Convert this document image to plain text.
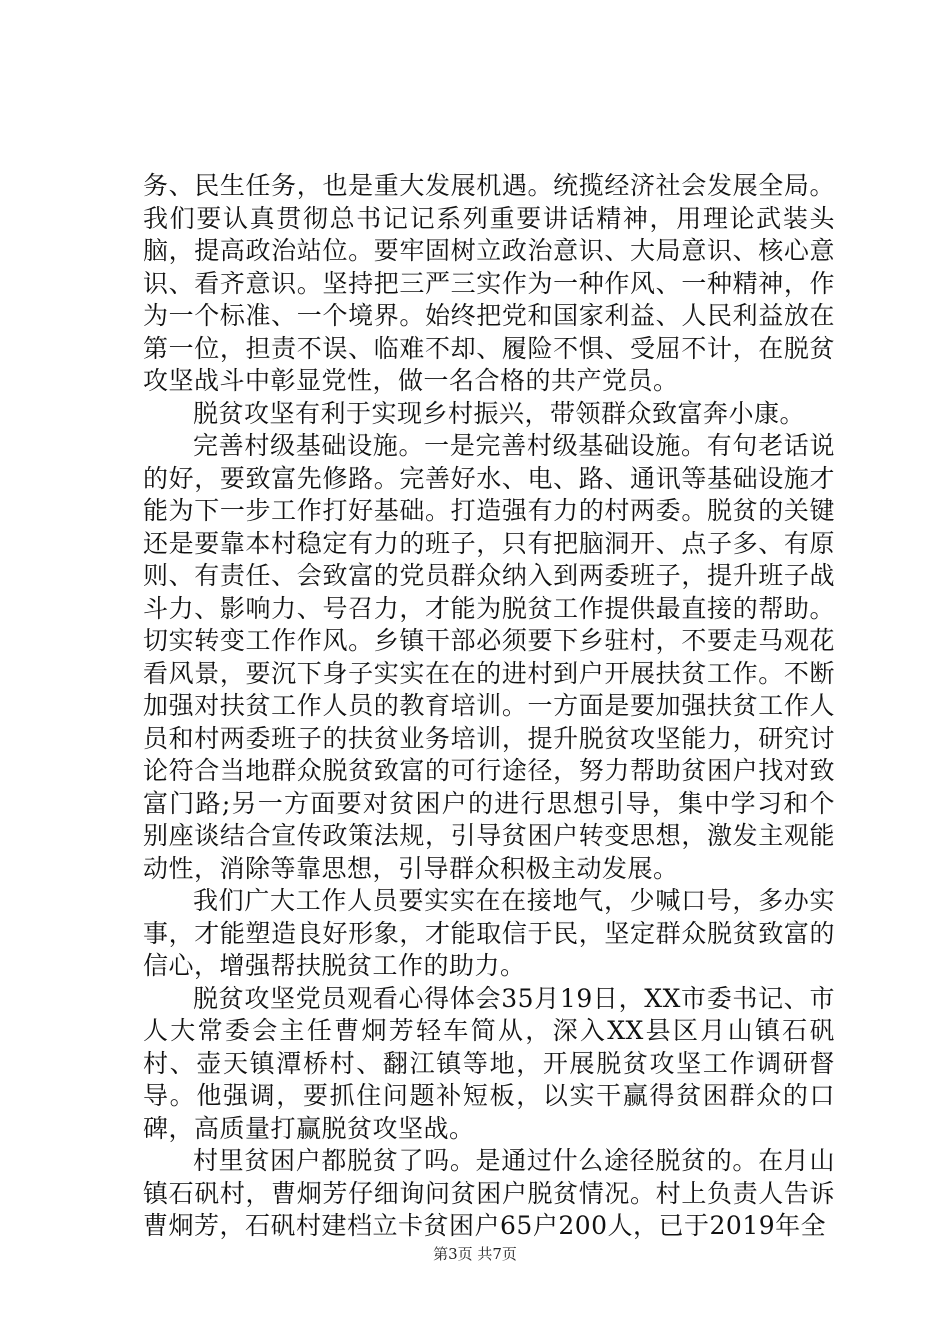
务、民生任务，也是重大发展机遇。统揽经济社会发展全局。我们要认真贯彻总书记记系列重要讲话精神，用理论武装头脑，提高政治站位。要牢固树立政治意识、大局意识、核心意识、看齐意识。坚持把三严三实作为一种作风、一种精神，作为一个标准、一个境界。始终把党和国家利益、人民利益放在第一位，担责不误、临难不却、履险不惧、受屈不计，在脱贫攻坚战斗中彰显党性，做一名合格的共产党员。

脱贫攻坚有利于实现乡村振兴，带领群众致富奔小康。

完善村级基础设施。一是完善村级基础设施。有句老话说的好，要致富先修路。完善好水、电、路、通讯等基础设施才能为下一步工作打好基础。打造强有力的村两委。脱贫的关键还是要靠本村稳定有力的班子，只有把脑洞开、点子多、有原则、有责任、会致富的党员群众纳入到两委班子，提升班子战斗力、影响力、号召力，才能为脱贫工作提供最直接的帮助。切实转变工作作风。乡镇干部必须要下乡驻村，不要走马观花看风景，要沉下身子实实在在的进村到户开展扶贫工作。不断加强对扶贫工作人员的教育培训。一方面是要加强扶贫工作人员和村两委班子的扶贫业务培训，提升脱贫攻坚能力，研究讨论符合当地群众脱贫致富的可行途径，努力帮助贫困户找对致富门路;另一方面要对贫困户的进行思想引导，集中学习和个别座谈结合宣传政策法规，引导贫困户转变思想，激发主观能动性，消除等靠思想，引导群众积极主动发展。

我们广大工作人员要实实在在接地气，少喊口号，多办实事，才能塑造良好形象，才能取信于民，坚定群众脱贫致富的信心，增强帮扶脱贫工作的助力。

脱贫攻坚党员观看心得体会35月19日，XX市委书记、市人大常委会主任曹炯芳轻车简从，深入XX县区月山镇石矾村、壶天镇潭桥村、翻江镇等地，开展脱贫攻坚工作调研督导。他强调，要抓住问题补短板，以实干赢得贫困群众的口碑，高质量打赢脱贫攻坚战。

村里贫困户都脱贫了吗。是通过什么途径脱贫的。在月山镇石矾村，曹炯芳仔细询问贫困户脱贫情况。村上负责人告诉曹炯芳，石矾村建档立卡贫困户65户200人，已于2019年全

第3页 共7页
